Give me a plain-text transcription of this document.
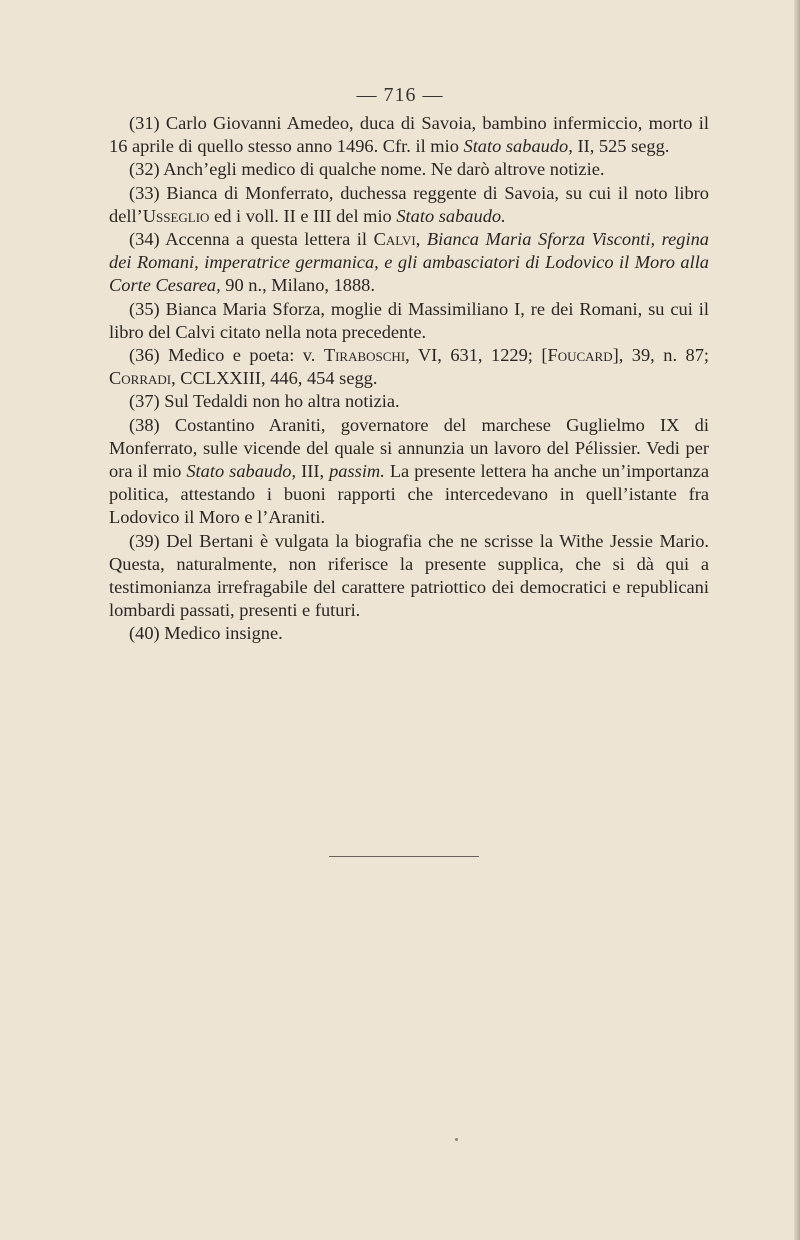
— 716 —

(31) Carlo Giovanni Amedeo, duca di Savoia, bambino infermiccio, morto il 16 aprile di quello stesso anno 1496. Cfr. il mio Stato sabaudo, II, 525 segg.

(32) Anch’egli medico di qualche nome. Ne darò altrove notizie.

(33) Bianca di Monferrato, duchessa reggente di Savoia, su cui il noto libro dell’Usseglio ed i voll. II e III del mio Stato sabaudo.

(34) Accenna a questa lettera il Calvi, Bianca Maria Sforza Visconti, regina dei Romani, imperatrice germanica, e gli ambasciatori di Lodovico il Moro alla Corte Cesarea, 90 n., Milano, 1888.

(35) Bianca Maria Sforza, moglie di Massimiliano I, re dei Romani, su cui il libro del Calvi citato nella nota precedente.

(36) Medico e poeta: v. Tiraboschi, VI, 631, 1229; [Foucard], 39, n. 87; Corradi, CCLXXIII, 446, 454 segg.

(37) Sul Tedaldi non ho altra notizia.

(38) Costantino Araniti, governatore del marchese Guglielmo IX di Monferrato, sulle vicende del quale si annunzia un lavoro del Pélissier. Vedi per ora il mio Stato sabaudo, III, passim. La presente lettera ha anche un’importanza politica, attestando i buoni rapporti che intercedevano in quell’istante fra Lodovico il Moro e l’Araniti.

(39) Del Bertani è vulgata la biografia che ne scrisse la Withe Jessie Mario. Questa, naturalmente, non riferisce la presente supplica, che si dà qui a testimonianza irrefragabile del carattere patriottico dei democratici e republicani lombardi passati, presenti e futuri.

(40) Medico insigne.
